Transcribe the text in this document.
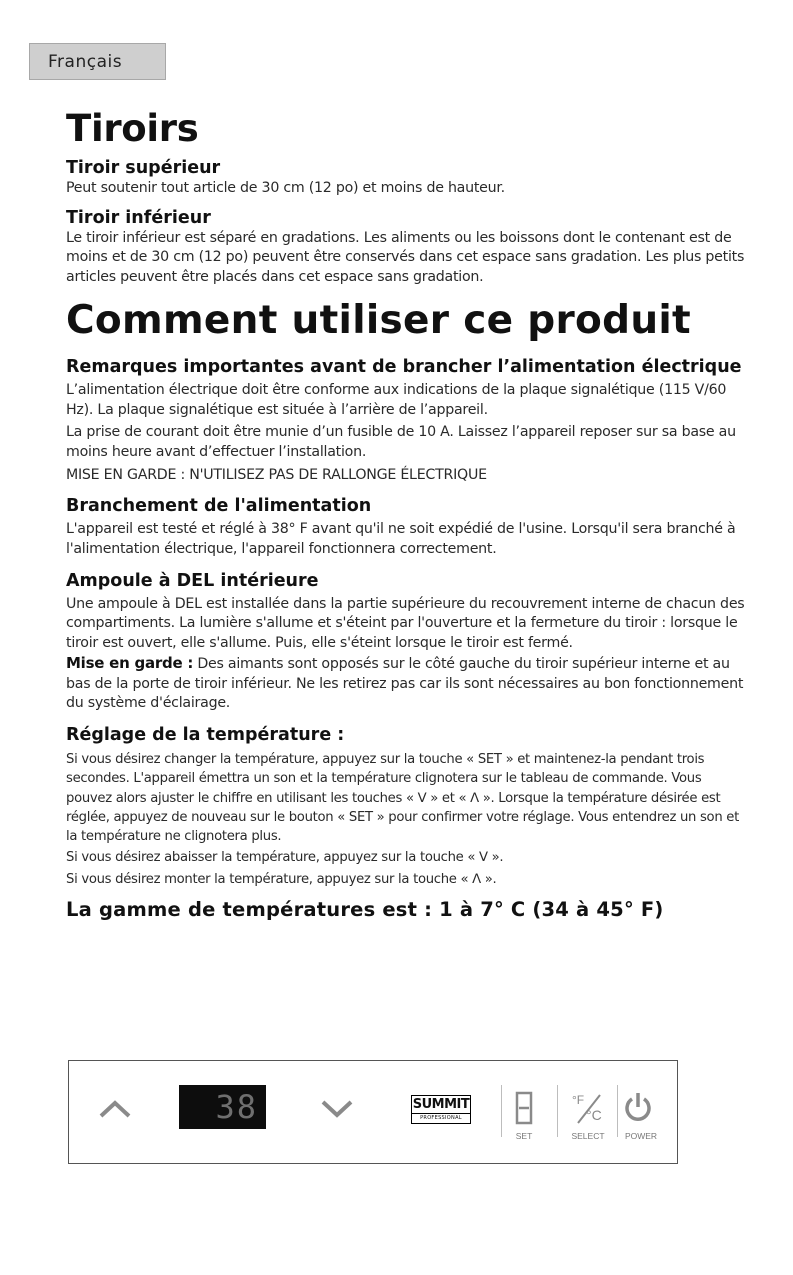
Français
Tiroirs
Tiroir supérieur

Peut soutenir tout article de 30 cm (12 po) et moins de hauteur.

Tiroir inférieur

Le tiroir inférieur est séparé en gradations. Les aliments ou les boissons dont le contenant est de moins et de 30 cm (12 po) peuvent être conservés dans cet espace sans gradation. Les plus petits articles peuvent être placés dans cet espace sans gradation.

Comment utiliser ce produit
Remarques importantes avant de brancher l’alimentation électrique

L’alimentation électrique doit être conforme aux indications de la plaque signalétique (115 V/60 Hz). La plaque signalétique est située à l’arrière de l’appareil.

La prise de courant doit être munie d’un fusible de 10 A. Laissez l’appareil reposer sur sa base au moins heure avant d’effectuer l’installation.

MISE EN GARDE : N'UTILISEZ PAS DE RALLONGE ÉLECTRIQUE

Branchement de l'alimentation

L'appareil est testé et réglé à 38° F avant qu'il ne soit expédié de l'usine. Lorsqu'il sera branché à l'alimentation électrique, l'appareil fonctionnera correctement.

Ampoule à DEL intérieure

Une ampoule à DEL est installée dans la partie supérieure du recouvrement interne de chacun des compartiments. La lumière s'allume et s'éteint par l'ouverture et la fermeture du tiroir : lorsque le tiroir est ouvert, elle s'allume. Puis, elle s'éteint lorsque le tiroir est fermé.

Mise en garde : Des aimants sont opposés sur le côté gauche du tiroir supérieur interne et au bas de la porte de tiroir inférieur. Ne les retirez pas car ils sont nécessaires au bon fonctionnement du système d'éclairage.

Réglage de la température :

Si vous désirez changer la température, appuyez sur la touche « SET » et maintenez-la pendant trois secondes. L'appareil émettra un son et la température clignotera sur le tableau de commande. Vous pouvez alors ajuster le chiffre en utilisant les touches « ᐯ » et « ᐱ ». Lorsque la température désirée est réglée, appuyez de nouveau sur le bouton « SET » pour confirmer votre réglage. Vous entendrez un son et la température ne clignotera plus.

Si vous désirez abaisser la température, appuyez sur la touche « ᐯ ».

Si vous désirez monter la température, appuyez sur la touche « ᐱ ».

La gamme de températures est : 1 à 7° C (34 à 45° F)
38	SUMMIT
PROFESSIONAL
SET
°F
°C
SELECT	POWER
